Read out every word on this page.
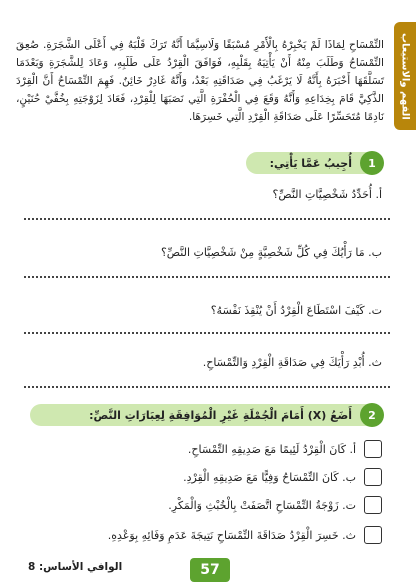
الفهم والاستيعاب

التِّمْسَاحِ لِمَاذَا لَمْ يَخْبِرْهُ بِالْأَمْرِ مُسْبَقًا وَلَاسِيَّمَا أَنَّهُ تَرَكَ قَلْبَهُ فِي أَعْلَى الشَّجَرَةِ. صُعِقَ التِّمْسَاحُ وَطَلَبَ مِنْهُ أَنْ يَأْتِيَهُ بِقَلْبِهِ، فَوَافَقَ الْقِرْدُ عَلَى طَلَبِهِ، وَعَادَ لِلشَّجَرَةِ وَبَعْدَمَا تَسَلَّقَهَا أَخْبَرَهُ بِأَنَّهُ لَا يَرْغَبُ فِي صَدَاقَتِهِ بَعْدُ، وَأَنَّهُ غَادِرٌ خَائِنٌ. فَهِمَ التِّمْسَاحُ أَنَّ الْقِرْدَ الذَّكِيَّ قَامَ بِخِدَاعِهِ وَأَنَّهُ وَقَعَ فِي الْحُفْرَةِ الَّتِي نَصَبَهَا لِلْقِرْدِ، فَعَادَ لِزَوْجَتِهِ بِخُفَّيْ حُنَيْنٍ، نَادِمًا مُتَحَسِّرًا عَلَى صَدَاقَةِ الْقِرْدِ الَّتِي خَسِرَهَا.

1
أُجِيبُ عَمَّا يَأْتِي:
أ. أُحَدِّدُ شَخْصِيَّاتِ النَّصِّ؟
ب. مَا رَأْيُكَ فِي كُلِّ شَخْصِيَّةٍ مِنْ شَخْصِيَّاتِ النَّصِّ؟
ت. كَيْفَ اسْتَطَاعَ الْقِرْدُ أَنْ يُنْقِذَ نَفْسَهُ؟
ث. أُبْدِ رَأْيَكَ فِي صَدَاقَةِ الْقِرْدِ وَالتِّمْسَاحِ.
2
أَضَعُ (X) أَمَامَ الْجُمْلَةِ غَيْرِ الْمُوَافِقَةِ لِعِبَارَاتِ النَّصِّ:
أ. كَانَ الْقِرْدُ لَئِيمًا مَعَ صَدِيقِهِ التِّمْسَاحِ.
ب. كَانَ التِّمْسَاحُ وَفِيًّا مَعَ صَدِيقِهِ الْقِرْدِ.
ت. زَوْجَةُ التِّمْسَاحِ اتَّصَفَتْ بِالْخُبْثِ وَالْمَكْرِ.
ث. خَسِرَ الْقِرْدُ صَدَاقَةَ التِّمْسَاحِ نَتِيجَةَ عَدَمِ وَفَائِهِ بِوَعْدِهِ.
57
الوافي الأساس: 8
